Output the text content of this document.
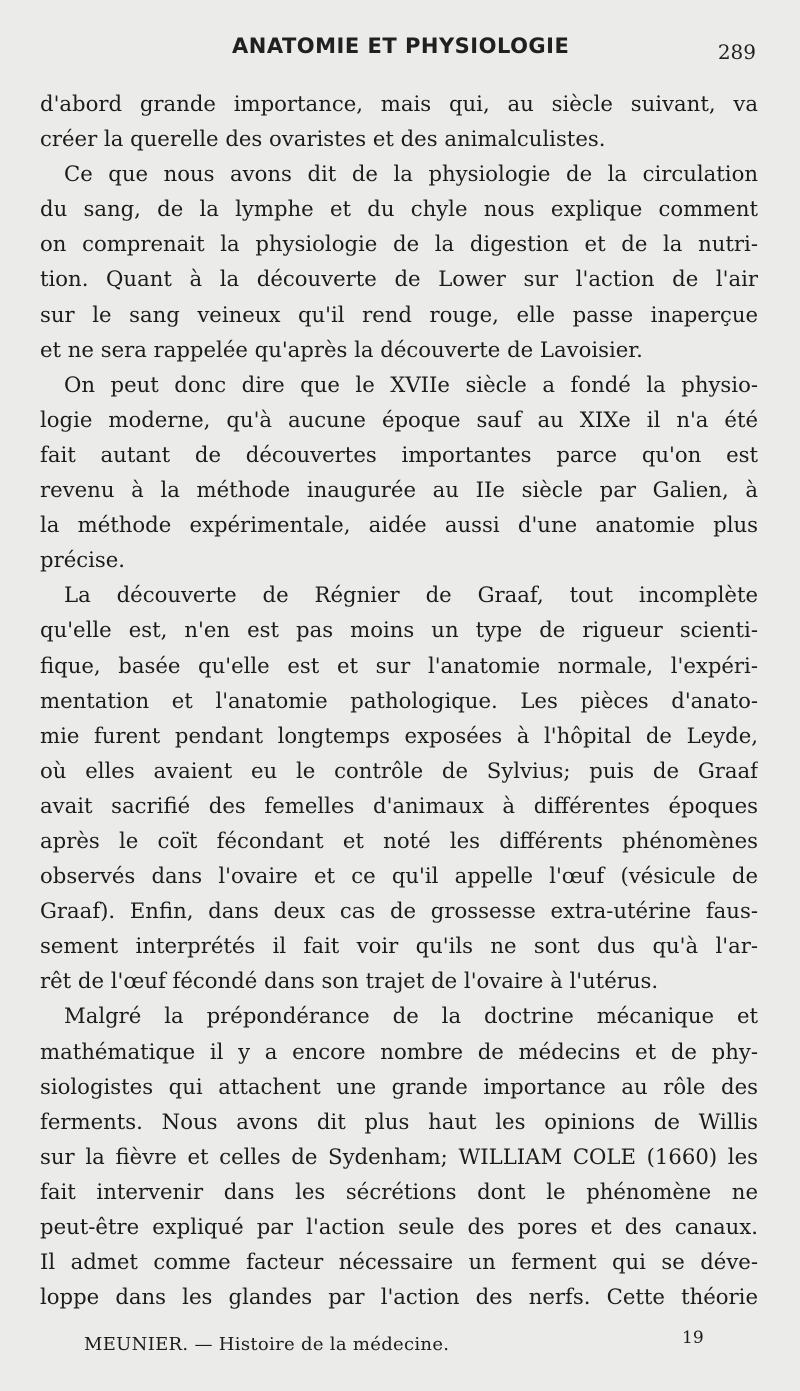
ANATOMIE ET PHYSIOLOGIE	289
d'abord grande importance, mais qui, au siècle suivant, va
créer la querelle des ovaristes et des animalculistes.
Ce que nous avons dit de la physiologie de la circulation
du sang, de la lymphe et du chyle nous explique comment
on comprenait la physiologie de la digestion et de la nutri-
tion. Quant à la découverte de Lower sur l'action de l'air
sur le sang veineux qu'il rend rouge, elle passe inaperçue
et ne sera rappelée qu'après la découverte de Lavoisier.
On peut donc dire que le XVIIe siècle a fondé la physio-
logie moderne, qu'à aucune époque sauf au XIXe il n'a été
fait autant de découvertes importantes parce qu'on est
revenu à la méthode inaugurée au IIe siècle par Galien, à
la méthode expérimentale, aidée aussi d'une anatomie plus
précise.
La découverte de Régnier de Graaf, tout incomplète
qu'elle est, n'en est pas moins un type de rigueur scienti-
fique, basée qu'elle est et sur l'anatomie normale, l'expéri-
mentation et l'anatomie pathologique. Les pièces d'anato-
mie furent pendant longtemps exposées à l'hôpital de Leyde,
où elles avaient eu le contrôle de Sylvius; puis de Graaf
avait sacrifié des femelles d'animaux à différentes époques
après le coït fécondant et noté les différents phénomènes
observés dans l'ovaire et ce qu'il appelle l'œuf (vésicule de
Graaf). Enfin, dans deux cas de grossesse extra-utérine faus-
sement interprétés il fait voir qu'ils ne sont dus qu'à l'ar-
rêt de l'œuf fécondé dans son trajet de l'ovaire à l'utérus.
Malgré la prépondérance de la doctrine mécanique et
mathématique il y a encore nombre de médecins et de phy-
siologistes qui attachent une grande importance au rôle des
ferments. Nous avons dit plus haut les opinions de Willis
sur la fièvre et celles de Sydenham; WILLIAM COLE (1660) les
fait intervenir dans les sécrétions dont le phénomène ne
peut-être expliqué par l'action seule des pores et des canaux.
Il admet comme facteur nécessaire un ferment qui se déve-
loppe dans les glandes par l'action des nerfs. Cette théorie
MEUNIER. — Histoire de la médecine.	19
